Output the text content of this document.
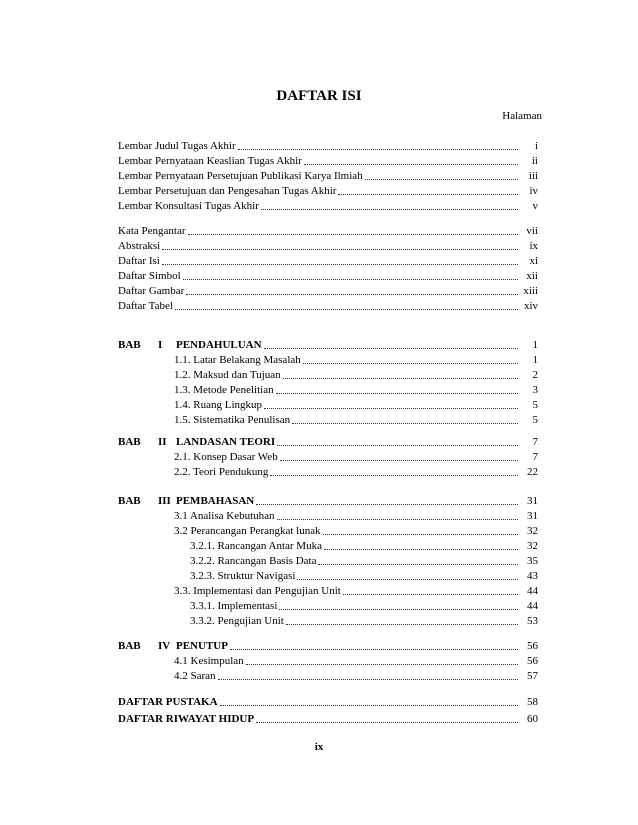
DAFTAR ISI
Halaman
Lembar Judul Tugas Akhir	i
Lembar Pernyataan Keaslian Tugas Akhir	ii
Lembar Pernyataan Persetujuan Publikasi Karya Ilmiah	iii
Lembar Persetujuan dan Pengesahan Tugas Akhir	iv
Lembar Konsultasi Tugas Akhir	v
Kata Pengantar	vii
Abstraksi	ix
Daftar Isi	xi
Daftar Simbol	xii
Daftar Gambar	xiii
Daftar Tabel	xiv
BAB	I	PENDAHULUAN	1
1.1. Latar Belakang Masalah	1
1.2. Maksud dan Tujuan	2
1.3. Metode Penelitian	3
1.4. Ruang Lingkup	5
1.5. Sistematika Penulisan	5
BAB	II LANDASAN TEORI	7
2.1. Konsep Dasar Web	7
2.2. Teori Pendukung	22
BAB	III PEMBAHASAN	31
3.1 Analisa Kebutuhan	31
3.2 Perancangan Perangkat lunak	32
3.2.1. Rancangan Antar Muka	32
3.2.2. Rancangan Basis Data	35
3.2.3. Struktur Navigasi	43
3.3. Implementasi dan Pengujian Unit	44
3.3.1. Implementasi	44
3.3.2. Pengujian Unit	53
BAB	IV PENUTUP	56
4.1 Kesimpulan	56
4.2 Saran	57
DAFTAR PUSTAKA	58
DAFTAR RIWAYAT HIDUP	60
ix
